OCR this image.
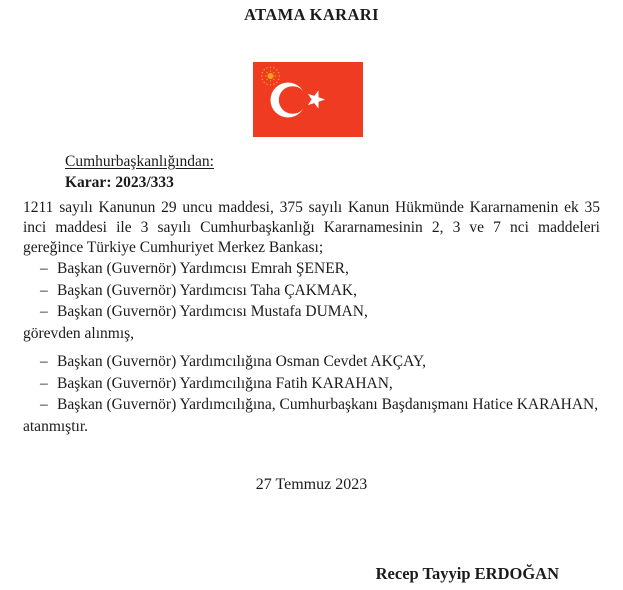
ATAMA KARARI
Cumhurbaşkanlığından:
Karar: 2023/333

1211 sayılı Kanunun 29 uncu maddesi, 375 sayılı Kanun Hükmünde Kararnamenin ek 35 inci maddesi ile 3 sayılı Cumhurbaşkanlığı Kararnamesinin 2, 3 ve 7 nci maddeleri gereğince Türkiye Cumhuriyet Merkez Bankası;

– Başkan (Guvernör) Yardımcısı Emrah ŞENER,
– Başkan (Guvernör) Yardımcısı Taha ÇAKMAK,
– Başkan (Guvernör) Yardımcısı Mustafa DUMAN,
görevden alınmış,
– Başkan (Guvernör) Yardımcılığına Osman Cevdet AKÇAY,
– Başkan (Guvernör) Yardımcılığına Fatih KARAHAN,
– Başkan (Guvernör) Yardımcılığına, Cumhurbaşkanı Başdanışmanı Hatice KARAHAN,
atanmıştır.
27 Temmuz 2023
Recep Tayyip ERDOĞAN
